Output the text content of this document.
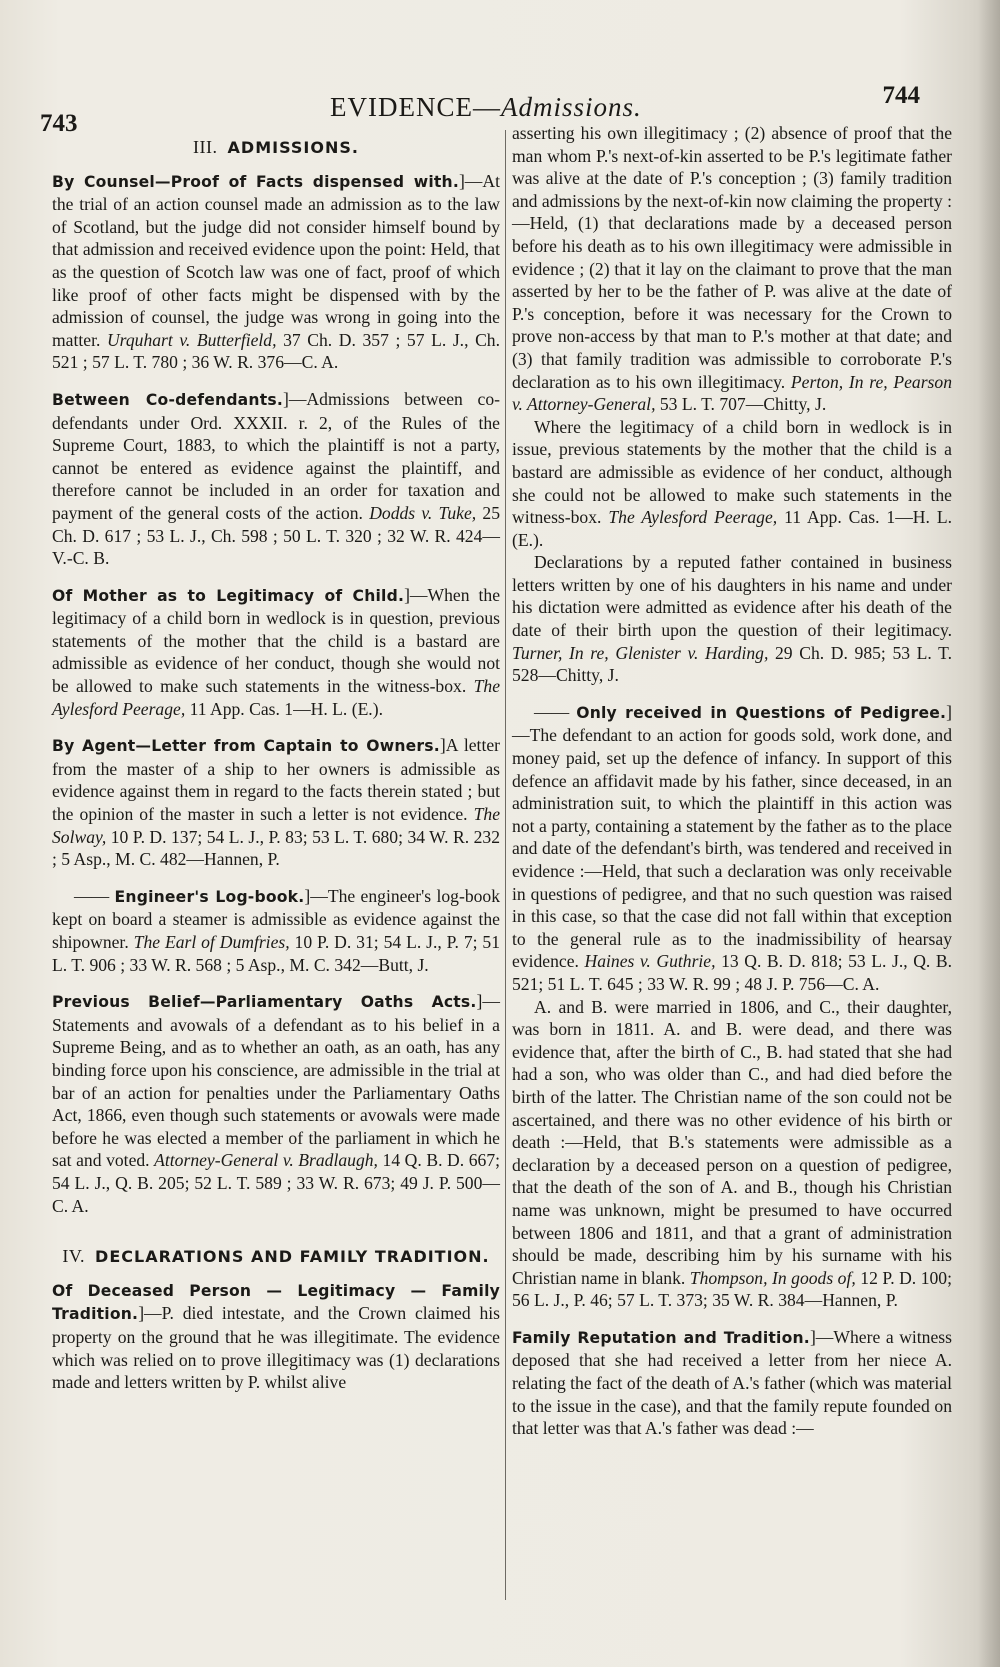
743
EVIDENCE—Admissions.	744
III. ADMISSIONS.

By Counsel—Proof of Facts dispensed with.]—At the trial of an action counsel made an admission as to the law of Scotland, but the judge did not consider himself bound by that admission and received evidence upon the point: Held, that as the question of Scotch law was one of fact, proof of which like proof of other facts might be dispensed with by the admission of counsel, the judge was wrong in going into the matter. Urquhart v. Butterfield, 37 Ch. D. 357 ; 57 L. J., Ch. 521 ; 57 L. T. 780 ; 36 W. R. 376—C. A.

Between Co-defendants.]—Admissions between co-defendants under Ord. XXXII. r. 2, of the Rules of the Supreme Court, 1883, to which the plaintiff is not a party, cannot be entered as evidence against the plaintiff, and therefore cannot be included in an order for taxation and payment of the general costs of the action. Dodds v. Tuke, 25 Ch. D. 617 ; 53 L. J., Ch. 598 ; 50 L. T. 320 ; 32 W. R. 424—V.-C. B.

Of Mother as to Legitimacy of Child.]—When the legitimacy of a child born in wedlock is in question, previous statements of the mother that the child is a bastard are admissible as evidence of her conduct, though she would not be allowed to make such statements in the witness-box. The Aylesford Peerage, 11 App. Cas. 1—H. L. (E.).

By Agent—Letter from Captain to Owners.]A letter from the master of a ship to her owners is admissible as evidence against them in regard to the facts therein stated ; but the opinion of the master in such a letter is not evidence. The Solway, 10 P. D. 137; 54 L. J., P. 83; 53 L. T. 680; 34 W. R. 232 ; 5 Asp., M. C. 482—Hannen, P.

—— Engineer's Log-book.]—The engineer's log-book kept on board a steamer is admissible as evidence against the shipowner. The Earl of Dumfries, 10 P. D. 31; 54 L. J., P. 7; 51 L. T. 906 ; 33 W. R. 568 ; 5 Asp., M. C. 342—Butt, J.

Previous Belief—Parliamentary Oaths Acts.]—Statements and avowals of a defendant as to his belief in a Supreme Being, and as to whether an oath, as an oath, has any binding force upon his conscience, are admissible in the trial at bar of an action for penalties under the Parliamentary Oaths Act, 1866, even though such statements or avowals were made before he was elected a member of the parliament in which he sat and voted. Attorney-General v. Bradlaugh, 14 Q. B. D. 667; 54 L. J., Q. B. 205; 52 L. T. 589 ; 33 W. R. 673; 49 J. P. 500—C. A.

IV. DECLARATIONS AND FAMILY TRADITION.

Of Deceased Person — Legitimacy — Family Tradition.]—P. died intestate, and the Crown claimed his property on the ground that he was illegitimate. The evidence which was relied on to prove illegitimacy was (1) declarations made and letters written by P. whilst alive

asserting his own illegitimacy ; (2) absence of proof that the man whom P.'s next-of-kin asserted to be P.'s legitimate father was alive at the date of P.'s conception ; (3) family tradition and admissions by the next-of-kin now claiming the property :—Held, (1) that declarations made by a deceased person before his death as to his own illegitimacy were admissible in evidence ; (2) that it lay on the claimant to prove that the man asserted by her to be the father of P. was alive at the date of P.'s conception, before it was necessary for the Crown to prove non-access by that man to P.'s mother at that date; and (3) that family tradition was admissible to corroborate P.'s declaration as to his own illegitimacy. Perton, In re, Pearson v. Attorney-General, 53 L. T. 707—Chitty, J.

Where the legitimacy of a child born in wedlock is in issue, previous statements by the mother that the child is a bastard are admissible as evidence of her conduct, although she could not be allowed to make such statements in the witness-box. The Aylesford Peerage, 11 App. Cas. 1—H. L. (E.).

Declarations by a reputed father contained in business letters written by one of his daughters in his name and under his dictation were admitted as evidence after his death of the date of their birth upon the question of their legitimacy. Turner, In re, Glenister v. Harding, 29 Ch. D. 985; 53 L. T. 528—Chitty, J.

—— Only received in Questions of Pedigree.]—The defendant to an action for goods sold, work done, and money paid, set up the defence of infancy. In support of this defence an affidavit made by his father, since deceased, in an administration suit, to which the plaintiff in this action was not a party, containing a statement by the father as to the place and date of the defendant's birth, was tendered and received in evidence :—Held, that such a declaration was only receivable in questions of pedigree, and that no such question was raised in this case, so that the case did not fall within that exception to the general rule as to the inadmissibility of hearsay evidence. Haines v. Guthrie, 13 Q. B. D. 818; 53 L. J., Q. B. 521; 51 L. T. 645 ; 33 W. R. 99 ; 48 J. P. 756—C. A.

A. and B. were married in 1806, and C., their daughter, was born in 1811. A. and B. were dead, and there was evidence that, after the birth of C., B. had stated that she had had a son, who was older than C., and had died before the birth of the latter. The Christian name of the son could not be ascertained, and there was no other evidence of his birth or death :—Held, that B.'s statements were admissible as a declaration by a deceased person on a question of pedigree, that the death of the son of A. and B., though his Christian name was unknown, might be presumed to have occurred between 1806 and 1811, and that a grant of administration should be made, describing him by his surname with his Christian name in blank. Thompson, In goods of, 12 P. D. 100; 56 L. J., P. 46; 57 L. T. 373; 35 W. R. 384—Hannen, P.

Family Reputation and Tradition.]—Where a witness deposed that she had received a letter from her niece A. relating the fact of the death of A.'s father (which was material to the issue in the case), and that the family repute founded on that letter was that A.'s father was dead :—
